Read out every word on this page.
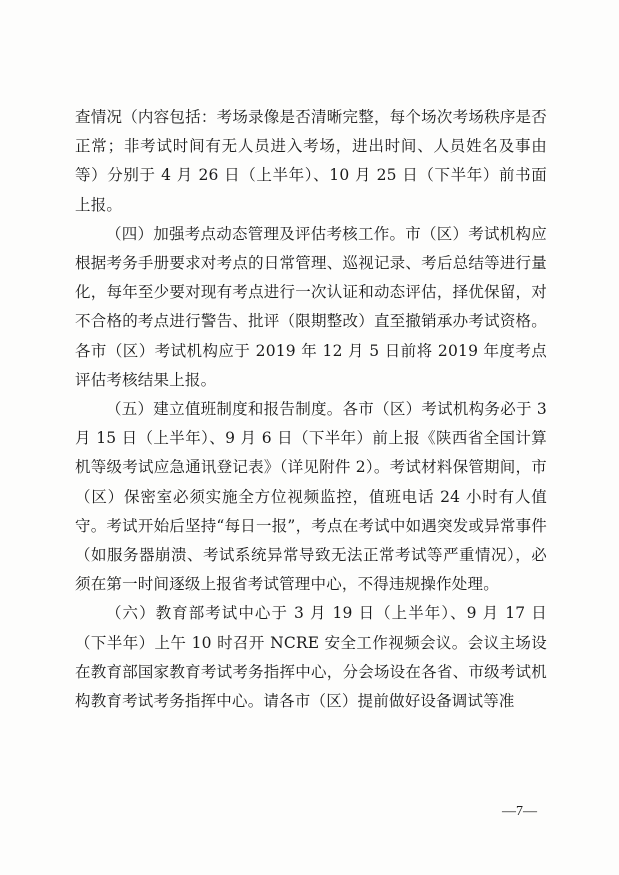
查情况（内容包括：考场录像是否清晰完整，每个场次考场秩序是否正常；非考试时间有无人员进入考场，进出时间、人员姓名及事由等）分别于 4 月 26 日（上半年）、10 月 25 日（下半年）前书面上报。

（四）加强考点动态管理及评估考核工作。市（区）考试机构应根据考务手册要求对考点的日常管理、巡视记录、考后总结等进行量化，每年至少要对现有考点进行一次认证和动态评估，择优保留，对不合格的考点进行警告、批评（限期整改）直至撤销承办考试资格。各市（区）考试机构应于 2019 年 12 月 5 日前将 2019 年度考点评估考核结果上报。

（五）建立值班制度和报告制度。各市（区）考试机构务必于 3 月 15 日（上半年）、9 月 6 日（下半年）前上报《陕西省全国计算机等级考试应急通讯登记表》（详见附件 2）。考试材料保管期间，市（区）保密室必须实施全方位视频监控，值班电话 24 小时有人值守。考试开始后坚持“每日一报”，考点在考试中如遇突发或异常事件（如服务器崩溃、考试系统异常导致无法正常考试等严重情况），必须在第一时间逐级上报省考试管理中心，不得违规操作处理。

（六）教育部考试中心于 3 月 19 日（上半年）、9 月 17 日（下半年）上午 10 时召开 NCRE 安全工作视频会议。会议主场设在教育部国家教育考试考务指挥中心，分会场设在各省、市级考试机构教育考试考务指挥中心。请各市（区）提前做好设备调试等准

—7—
